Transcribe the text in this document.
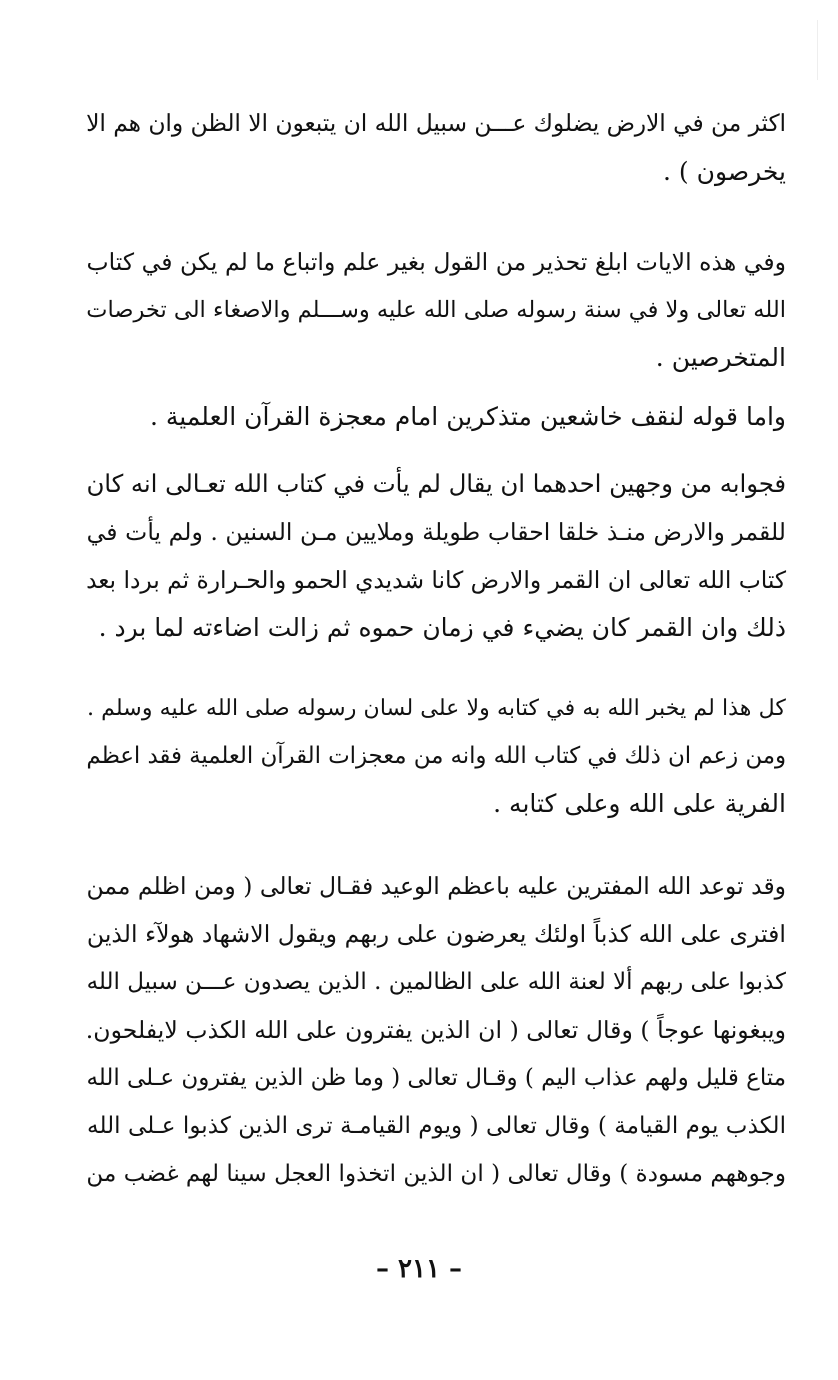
اكثر من في الارض يضلوك عـــن سبيل الله ان يتبعون الا الظن وان هم الا
يخرصون ) .
وفي هذه الايات ابلغ تحذير من القول بغير علم واتباع ما لم يكن في كتاب
الله تعالى ولا في سنة رسوله صلى الله عليه وســـلم والاصغاء الى تخرصات
المتخرصين .
واما قوله لنقف خاشعين متذكرين امام معجزة القرآن العلمية .
فجوابه من وجهين احدهما ان يقال لم يأت في كتاب الله تعـالى انه كان
للقمر والارض منـذ خلقا احقاب طويلة وملايين مـن السنين . ولم يأت في
كتاب الله تعالى ان القمر والارض كانا شديدي الحمو والحـرارة ثم بردا بعد
ذلك وان القمر كان يضيء في زمان حموه ثم زالت اضاءته لما برد .
كل هذا لم يخبر الله به في كتابه ولا على لسان رسوله صلى الله عليه وسلم .
ومن زعم ان ذلك في كتاب الله وانه من معجزات القرآن العلمية فقد اعظم
الفرية على الله وعلى كتابه .
وقد توعد الله المفترين عليه باعظم الوعيد فقـال تعالى ( ومن اظلم ممن
افترى على الله كذباً اولئك يعرضون على ربهم ويقول الاشهاد هولآء الذين
كذبوا على ربهم ألا لعنة الله على الظالمين . الذين يصدون عـــن سبيل الله
ويبغونها عوجاً ) وقال تعالى ( ان الذين يفترون على الله الكذب لايفلحون.
متاع قليل ولهم عذاب اليم ) وقـال تعالى ( وما ظن الذين يفترون عـلى الله
الكذب يوم القيامة ) وقال تعالى ( ويوم القيامـة ترى الذين كذبوا عـلى الله
وجوههم مسودة ) وقال تعالى ( ان الذين اتخذوا العجل سينا لهم غضب من
– ٢١١ –
